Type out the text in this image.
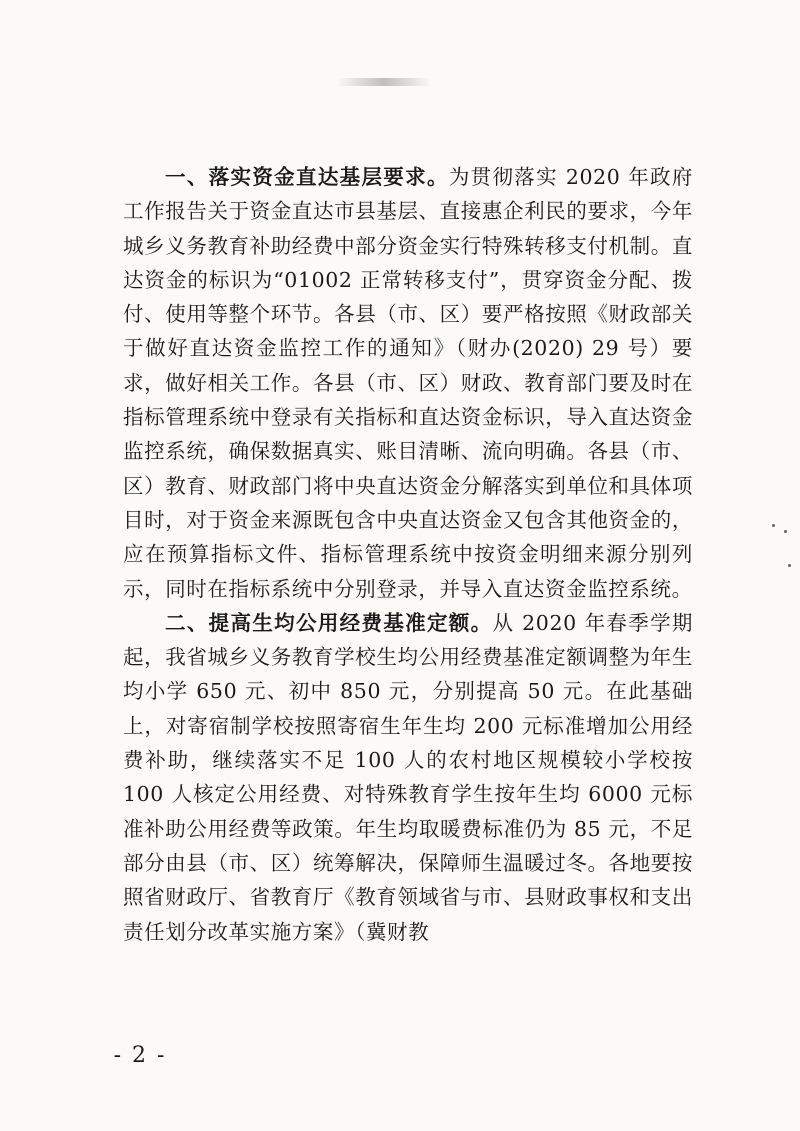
一、落实资金直达基层要求。为贯彻落实 2020 年政府工作报告关于资金直达市县基层、直接惠企利民的要求，今年城乡义务教育补助经费中部分资金实行特殊转移支付机制。直达资金的标识为“01002 正常转移支付”，贯穿资金分配、拨付、使用等整个环节。各县（市、区）要严格按照《财政部关于做好直达资金监控工作的通知》（财办(2020) 29 号）要求，做好相关工作。各县（市、区）财政、教育部门要及时在指标管理系统中登录有关指标和直达资金标识，导入直达资金监控系统，确保数据真实、账目清晰、流向明确。各县（市、区）教育、财政部门将中央直达资金分解落实到单位和具体项目时，对于资金来源既包含中央直达资金又包含其他资金的，应在预算指标文件、指标管理系统中按资金明细来源分别列示，同时在指标系统中分别登录，并导入直达资金监控系统。

二、提高生均公用经费基准定额。从 2020 年春季学期起，我省城乡义务教育学校生均公用经费基准定额调整为年生均小学 650 元、初中 850 元，分别提高 50 元。在此基础上，对寄宿制学校按照寄宿生年生均 200 元标准增加公用经费补助，继续落实不足 100 人的农村地区规模较小学校按 100 人核定公用经费、对特殊教育学生按年生均 6000 元标准补助公用经费等政策。年生均取暖费标准仍为 85 元，不足部分由县（市、区）统筹解决，保障师生温暖过冬。各地要按照省财政厅、省教育厅《教育领域省与市、县财政事权和支出责任划分改革实施方案》（冀财教

- 2 -
